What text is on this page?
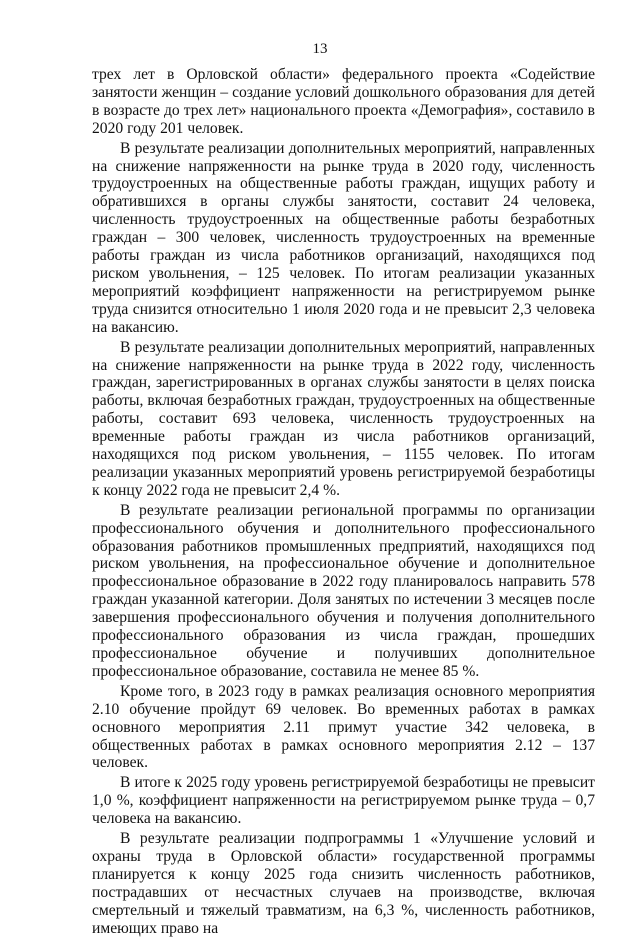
13

трех лет в Орловской области» федерального проекта «Содействие занятости женщин – создание условий дошкольного образования для детей в возрасте до трех лет» национального проекта «Демография», составило в 2020 году 201 человек.

В результате реализации дополнительных мероприятий, направленных на снижение напряженности на рынке труда в 2020 году, численность трудоустроенных на общественные работы граждан, ищущих работу и обратившихся в органы службы занятости, составит 24 человека, численность трудоустроенных на общественные работы безработных граждан – 300 человек, численность трудоустроенных на временные работы граждан из числа работников организаций, находящихся под риском увольнения, – 125 человек. По итогам реализации указанных мероприятий коэффициент напряженности на регистрируемом рынке труда снизится относительно 1 июля 2020 года и не превысит 2,3 человека на вакансию.

В результате реализации дополнительных мероприятий, направленных на снижение напряженности на рынке труда в 2022 году, численность граждан, зарегистрированных в органах службы занятости в целях поиска работы, включая безработных граждан, трудоустроенных на общественные работы, составит 693 человека, численность трудоустроенных на временные работы граждан из числа работников организаций, находящихся под риском увольнения, – 1155 человек. По итогам реализации указанных мероприятий уровень регистрируемой безработицы к концу 2022 года не превысит 2,4 %.

В результате реализации региональной программы по организации профессионального обучения и дополнительного профессионального образования работников промышленных предприятий, находящихся под риском увольнения, на профессиональное обучение и дополнительное профессиональное образование в 2022 году планировалось направить 578 граждан указанной категории. Доля занятых по истечении 3 месяцев после завершения профессионального обучения и получения дополнительного профессионального образования из числа граждан, прошедших профессиональное обучение и получивших дополнительное профессиональное образование, составила не менее 85 %.

Кроме того, в 2023 году в рамках реализация основного мероприятия 2.10 обучение пройдут 69 человек. Во временных работах в рамках основного мероприятия 2.11 примут участие 342 человека, в общественных работах в рамках основного мероприятия 2.12 – 137 человек.

В итоге к 2025 году уровень регистрируемой безработицы не превысит 1,0 %, коэффициент напряженности на регистрируемом рынке труда – 0,7 человека на вакансию.

В результате реализации подпрограммы 1 «Улучшение условий и охраны труда в Орловской области» государственной программы планируется к концу 2025 года снизить численность работников, пострадавших от несчастных случаев на производстве, включая смертельный и тяжелый травматизм, на 6,3 %, численность работников, имеющих право на
